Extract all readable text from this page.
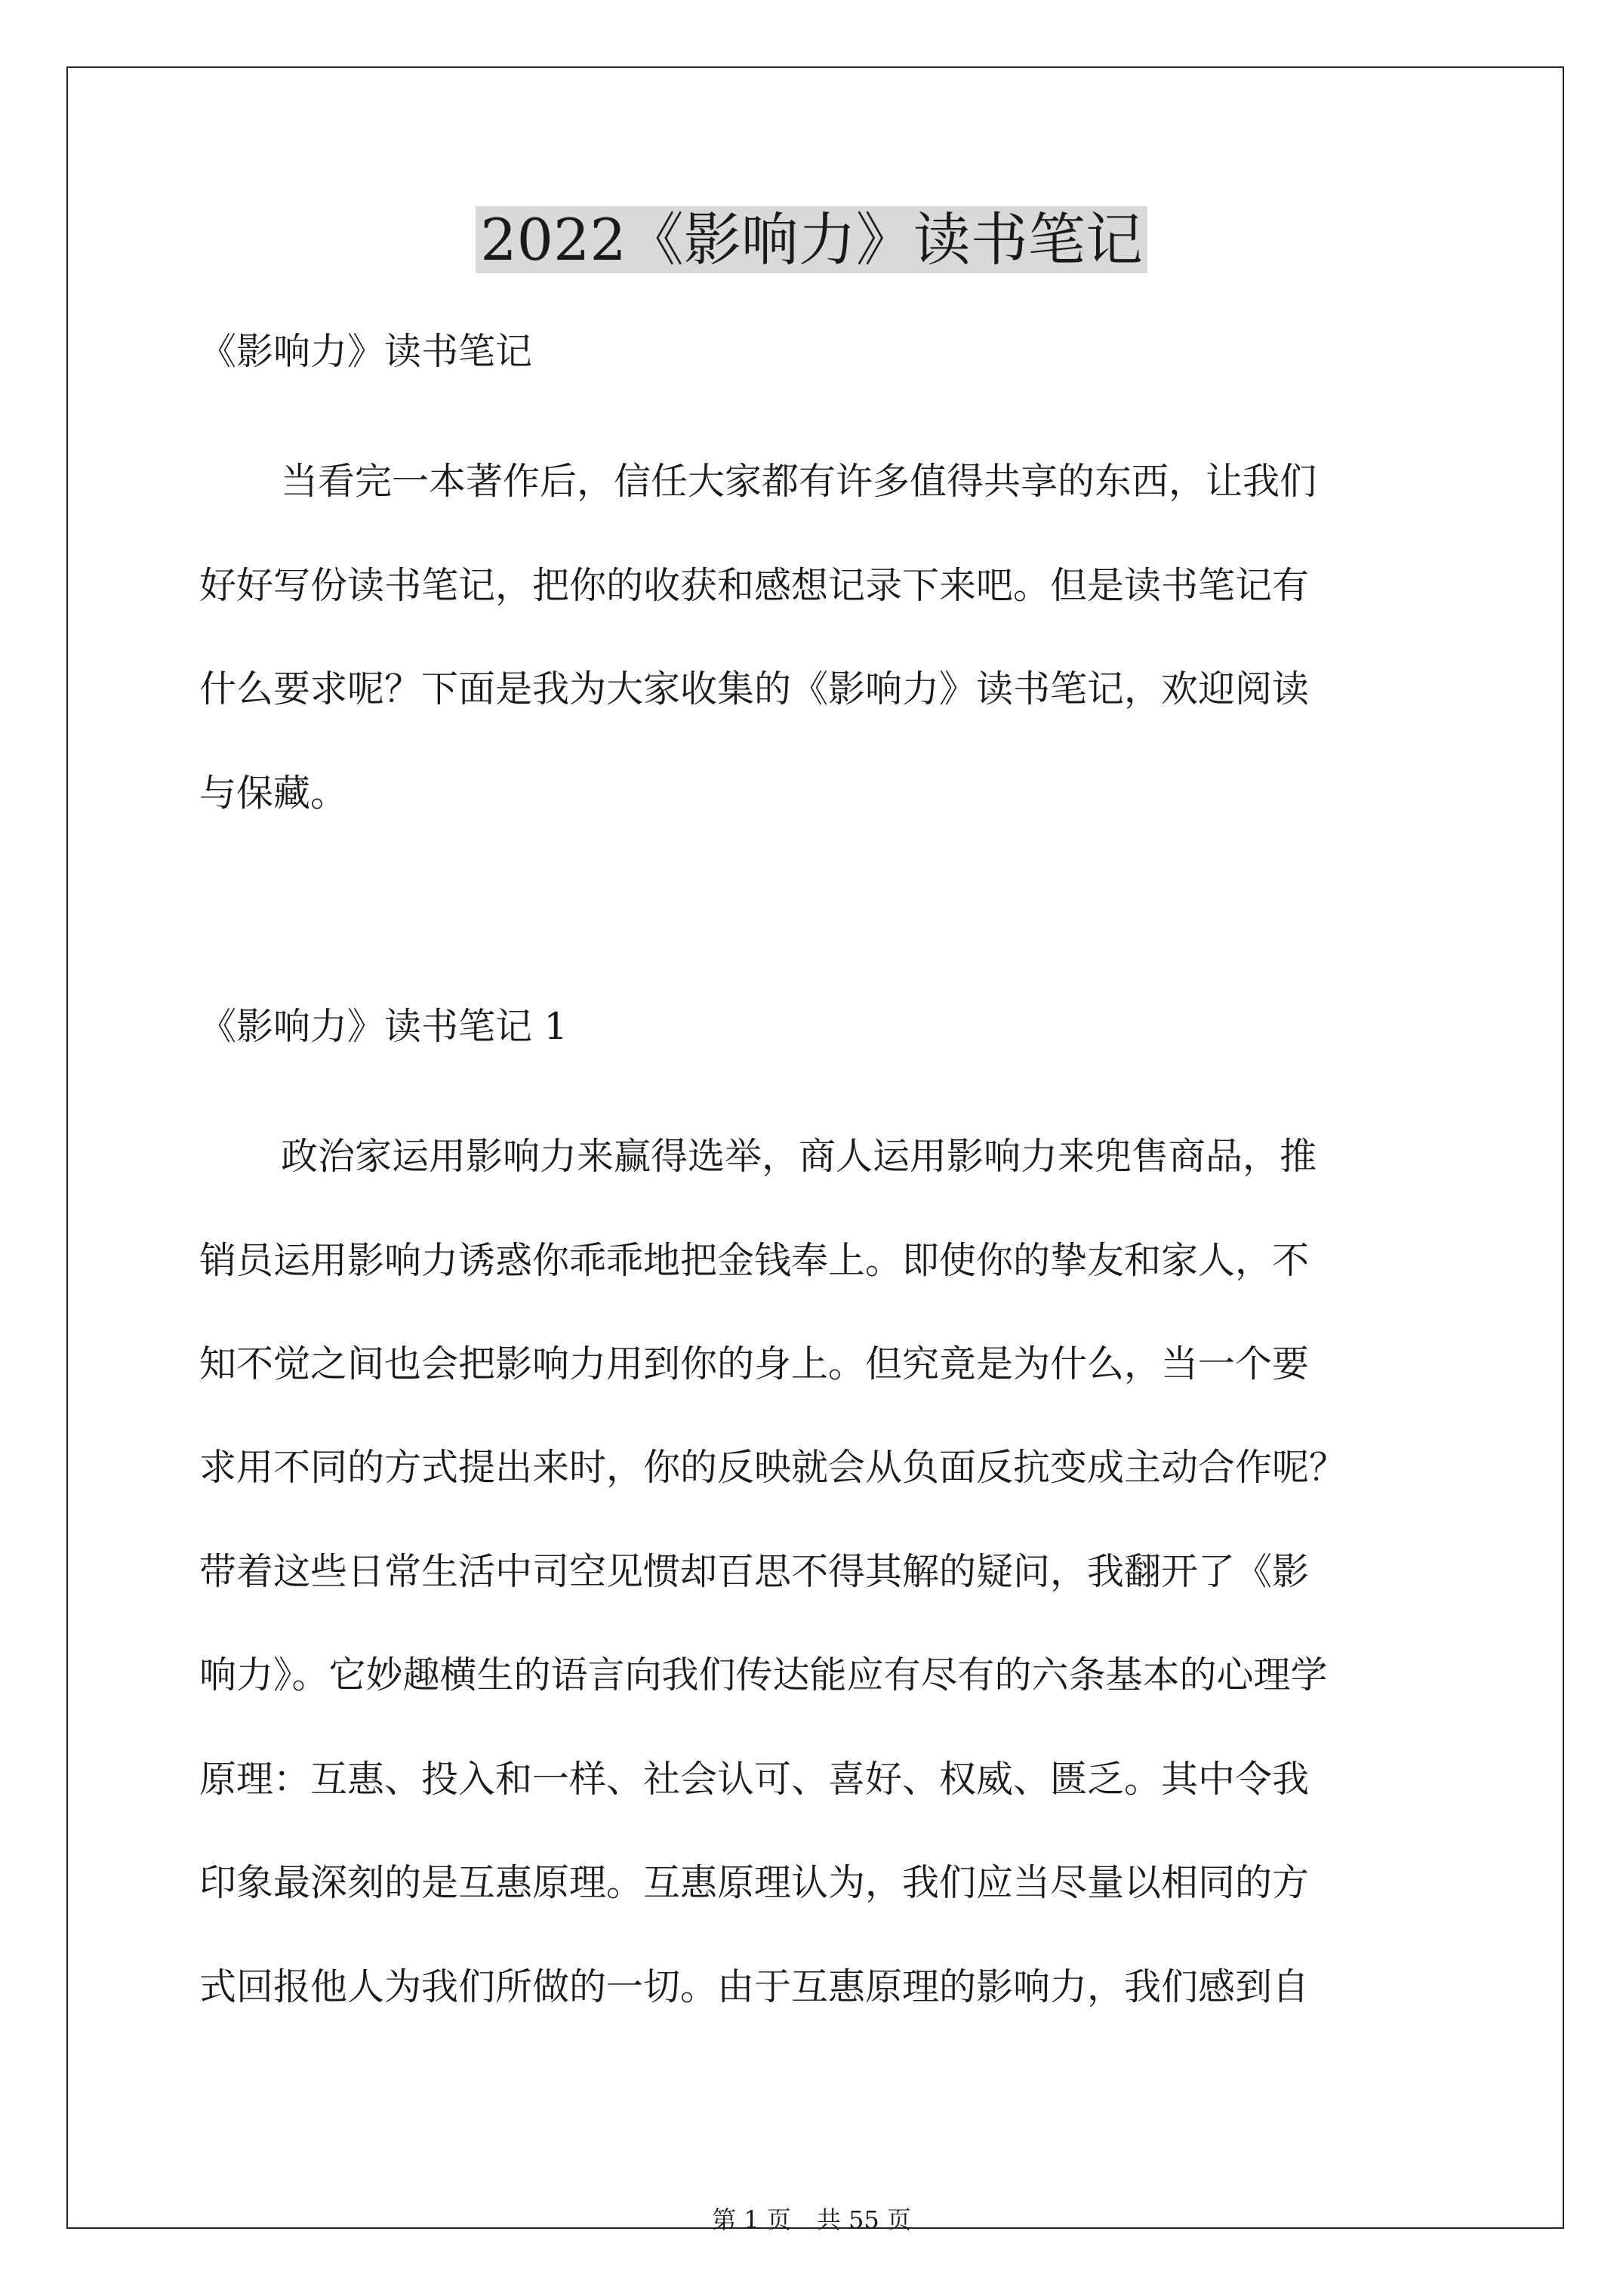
2022《影响力》读书笔记
《影响力》读书笔记
当看完一本著作后，信任大家都有许多值得共享的东西，让我们
好好写份读书笔记，把你的收获和感想记录下来吧。但是读书笔记有
什么要求呢？下面是我为大家收集的《影响力》读书笔记，欢迎阅读
与保藏。
《影响力》读书笔记 1
政治家运用影响力来赢得选举，商人运用影响力来兜售商品，推
销员运用影响力诱惑你乖乖地把金钱奉上。即使你的挚友和家人，不
知不觉之间也会把影响力用到你的身上。但究竟是为什么，当一个要
求用不同的方式提出来时，你的反映就会从负面反抗变成主动合作呢？
带着这些日常生活中司空见惯却百思不得其解的疑问，我翻开了《影
响力》。它妙趣横生的语言向我们传达能应有尽有的六条基本的心理学
原理：互惠、投入和一样、社会认可、喜好、权威、匮乏。其中令我
印象最深刻的是互惠原理。互惠原理认为，我们应当尽量以相同的方
式回报他人为我们所做的一切。由于互惠原理的影响力，我们感到自
第 1 页 共 55 页
